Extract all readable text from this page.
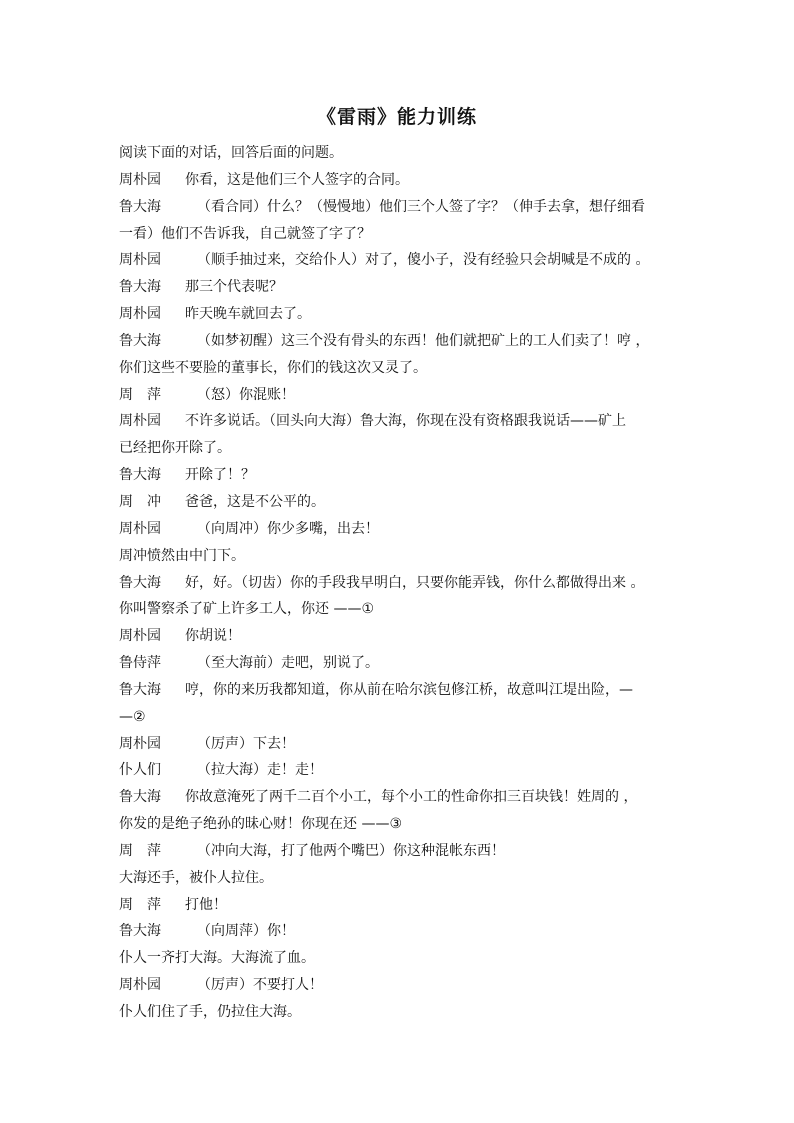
《雷雨》能力训练
阅读下面的对话，回答后面的问题。
周朴园 你看，这是他们三个人签字的合同。
鲁大海	（看合同）什么？（慢慢地）他们三个人签了字？（伸手去拿，想仔细看
一看）他们不告诉我，自己就签了字了？
周朴园	（顺手抽过来，交给仆人）对了，傻小子，没有经验只会胡喊是不成的 。
鲁大海 那三个代表呢？
周朴园 昨天晚车就回去了。
鲁大海	（如梦初醒）这三个没有骨头的东西！他们就把矿上的工人们卖了！哼 ，
你们这些不要脸的董事长，你们的钱这次又灵了。
周　萍	（怒）你混账！
周朴园 不许多说话。（回头向大海）鲁大海，你现在没有资格跟我说话——矿上
已经把你开除了。
鲁大海 开除了！？
周　冲 爸爸，这是不公平的。
周朴园	（向周冲）你少多嘴，出去！
周冲愤然由中门下。
鲁大海 好，好。（切齿）你的手段我早明白，只要你能弄钱，你什么都做得出来 。
你叫警察杀了矿上许多工人，你还 ——①
周朴园 你胡说！
鲁侍萍	（至大海前）走吧，别说了。
鲁大海 哼，你的来历我都知道，你从前在哈尔滨包修江桥，故意叫江堤出险，—
—②
周朴园	（厉声）下去！
仆人们	（拉大海）走！走！
鲁大海 你故意淹死了两千二百个小工，每个小工的性命你扣三百块钱！姓周的 ，
你发的是绝子绝孙的昧心财！你现在还 ——③
周　萍	（冲向大海，打了他两个嘴巴）你这种混帐东西！
大海还手，被仆人拉住。
周　萍 打他！
鲁大海	（向周萍）你！
仆人一齐打大海。大海流了血。
周朴园	（厉声）不要打人！
仆人们住了手，仍拉住大海。
